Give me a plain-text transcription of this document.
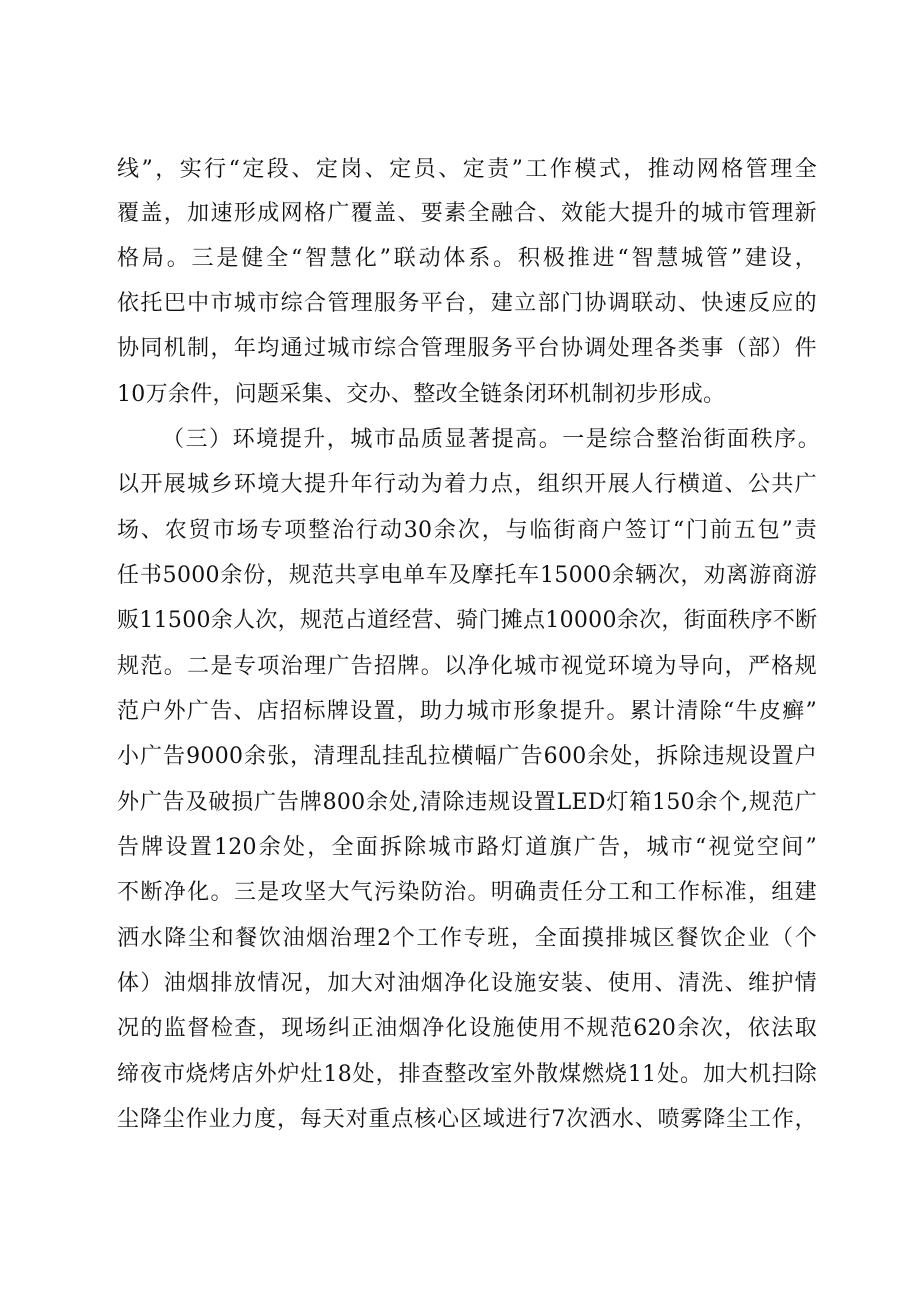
线”，实行“定段、定岗、定员、定责”工作模式，推动网格管理全
覆盖，加速形成网格广覆盖、要素全融合、效能大提升的城市管理新
格局。三是健全“智慧化”联动体系。积极推进“智慧城管”建设，
依托巴中市城市综合管理服务平台，建立部门协调联动、快速反应的
协同机制，年均通过城市综合管理服务平台协调处理各类事（部）件
10万余件，问题采集、交办、整改全链条闭环机制初步形成。
（三）环境提升，城市品质显著提高。一是综合整治街面秩序。
以开展城乡环境大提升年行动为着力点，组织开展人行横道、公共广
场、农贸市场专项整治行动30余次，与临街商户签订“门前五包”责
任书5000余份，规范共享电单车及摩托车15000余辆次，劝离游商游
贩11500余人次，规范占道经营、骑门摊点10000余次，街面秩序不断
规范。二是专项治理广告招牌。以净化城市视觉环境为导向，严格规
范户外广告、店招标牌设置，助力城市形象提升。累计清除“牛皮癣”
小广告9000余张，清理乱挂乱拉横幅广告600余处，拆除违规设置户
外广告及破损广告牌800余处,清除违规设置LED灯箱150余个,规范广
告牌设置120余处，全面拆除城市路灯道旗广告，城市“视觉空间”
不断净化。三是攻坚大气污染防治。明确责任分工和工作标准，组建
洒水降尘和餐饮油烟治理2个工作专班，全面摸排城区餐饮企业（个
体）油烟排放情况，加大对油烟净化设施安装、使用、清洗、维护情
况的监督检查，现场纠正油烟净化设施使用不规范620余次，依法取
缔夜市烧烤店外炉灶18处，排查整改室外散煤燃烧11处。加大机扫除
尘降尘作业力度，每天对重点核心区域进行7次洒水、喷雾降尘工作，
